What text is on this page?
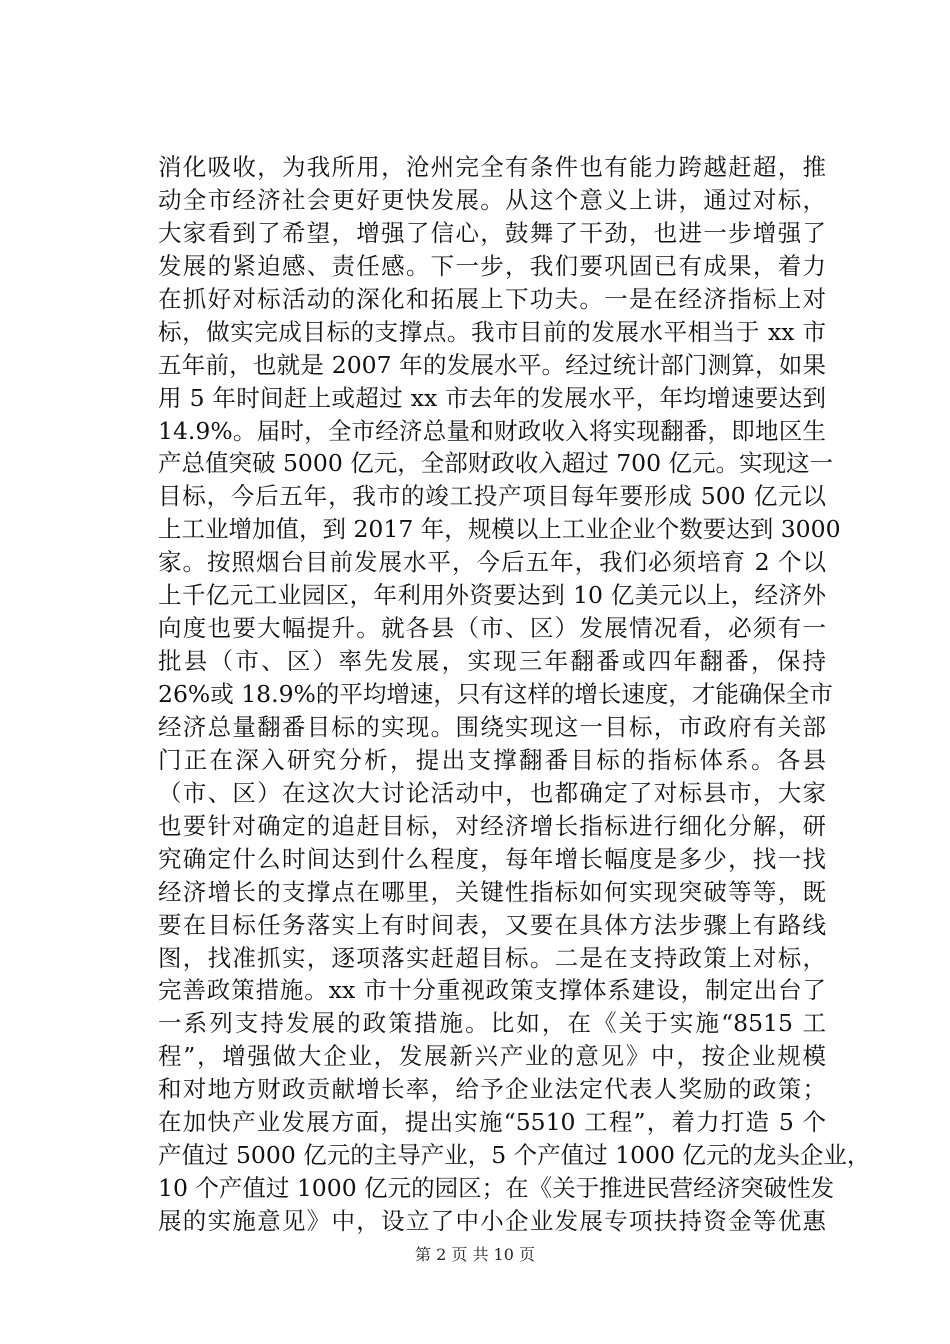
消化吸收，为我所用，沧州完全有条件也有能力跨越赶超，推
动全市经济社会更好更快发展。从这个意义上讲，通过对标，
大家看到了希望，增强了信心，鼓舞了干劲，也进一步增强了
发展的紧迫感、责任感。下一步，我们要巩固已有成果，着力
在抓好对标活动的深化和拓展上下功夫。一是在经济指标上对
标，做实完成目标的支撑点。我市目前的发展水平相当于 xx 市
五年前，也就是 2007 年的发展水平。经过统计部门测算，如果
用 5 年时间赶上或超过 xx 市去年的发展水平，年均增速要达到
14.9%。届时，全市经济总量和财政收入将实现翻番，即地区生
产总值突破 5000 亿元，全部财政收入超过 700 亿元。实现这一
目标，今后五年，我市的竣工投产项目每年要形成 500 亿元以
上工业增加值，到 2017 年，规模以上工业企业个数要达到 3000
家。按照烟台目前发展水平，今后五年，我们必须培育 2 个以
上千亿元工业园区，年利用外资要达到 10 亿美元以上，经济外
向度也要大幅提升。就各县（市、区）发展情况看，必须有一
批县（市、区）率先发展，实现三年翻番或四年翻番，保持
26%或 18.9%的平均增速，只有这样的增长速度，才能确保全市
经济总量翻番目标的实现。围绕实现这一目标，市政府有关部
门正在深入研究分析，提出支撑翻番目标的指标体系。各县
（市、区）在这次大讨论活动中，也都确定了对标县市，大家
也要针对确定的追赶目标，对经济增长指标进行细化分解，研
究确定什么时间达到什么程度，每年增长幅度是多少，找一找
经济增长的支撑点在哪里，关键性指标如何实现突破等等，既
要在目标任务落实上有时间表，又要在具体方法步骤上有路线
图，找准抓实，逐项落实赶超目标。二是在支持政策上对标，
完善政策措施。xx 市十分重视政策支撑体系建设，制定出台了
一系列支持发展的政策措施。比如，在《关于实施“8515 工
程”，增强做大企业，发展新兴产业的意见》中，按企业规模
和对地方财政贡献增长率，给予企业法定代表人奖励的政策；
在加快产业发展方面，提出实施“5510 工程”，着力打造 5 个
产值过 5000 亿元的主导产业，5 个产值过 1000 亿元的龙头企业，
10 个产值过 1000 亿元的园区；在《关于推进民营经济突破性发
展的实施意见》中，设立了中小企业发展专项扶持资金等优惠
第 2 页 共 10 页
